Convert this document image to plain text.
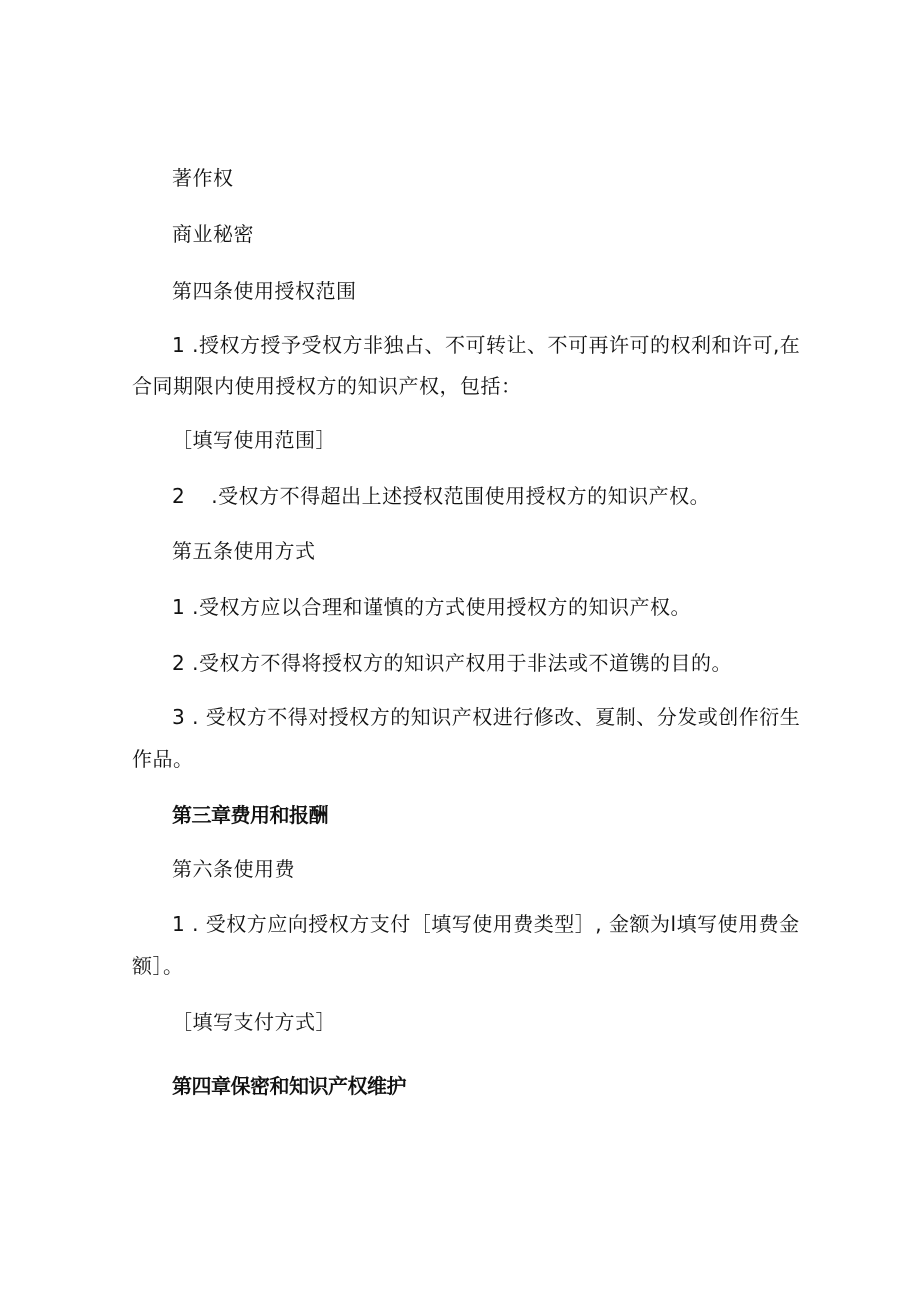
著作权
商业秘密
第四条使用授权范围
1 .授权方授予受权方非独占、不可转让、不可再许可的权利和许可,在
合同期限内使用授权方的知识产权，包括：
［填写使用范围］
2 .受权方不得超出上述授权范围使用授权方的知识产权。
第五条使用方式
1 .受权方应以合理和谨慎的方式使用授权方的知识产权。
2 .受权方不得将授权方的知识产权用于非法或不道镌的目的。
3 . 受权方不得对授权方的知识产权进行修改、夏制、分发或创作衍生
作品。
第三章费用和报酬
第六条使用费
1 . 受权方应向授权方支付［填写使用费类型］, 金额为l填写使用费金
额］。
［填写支付方式］
第四章保密和知识产权维护
